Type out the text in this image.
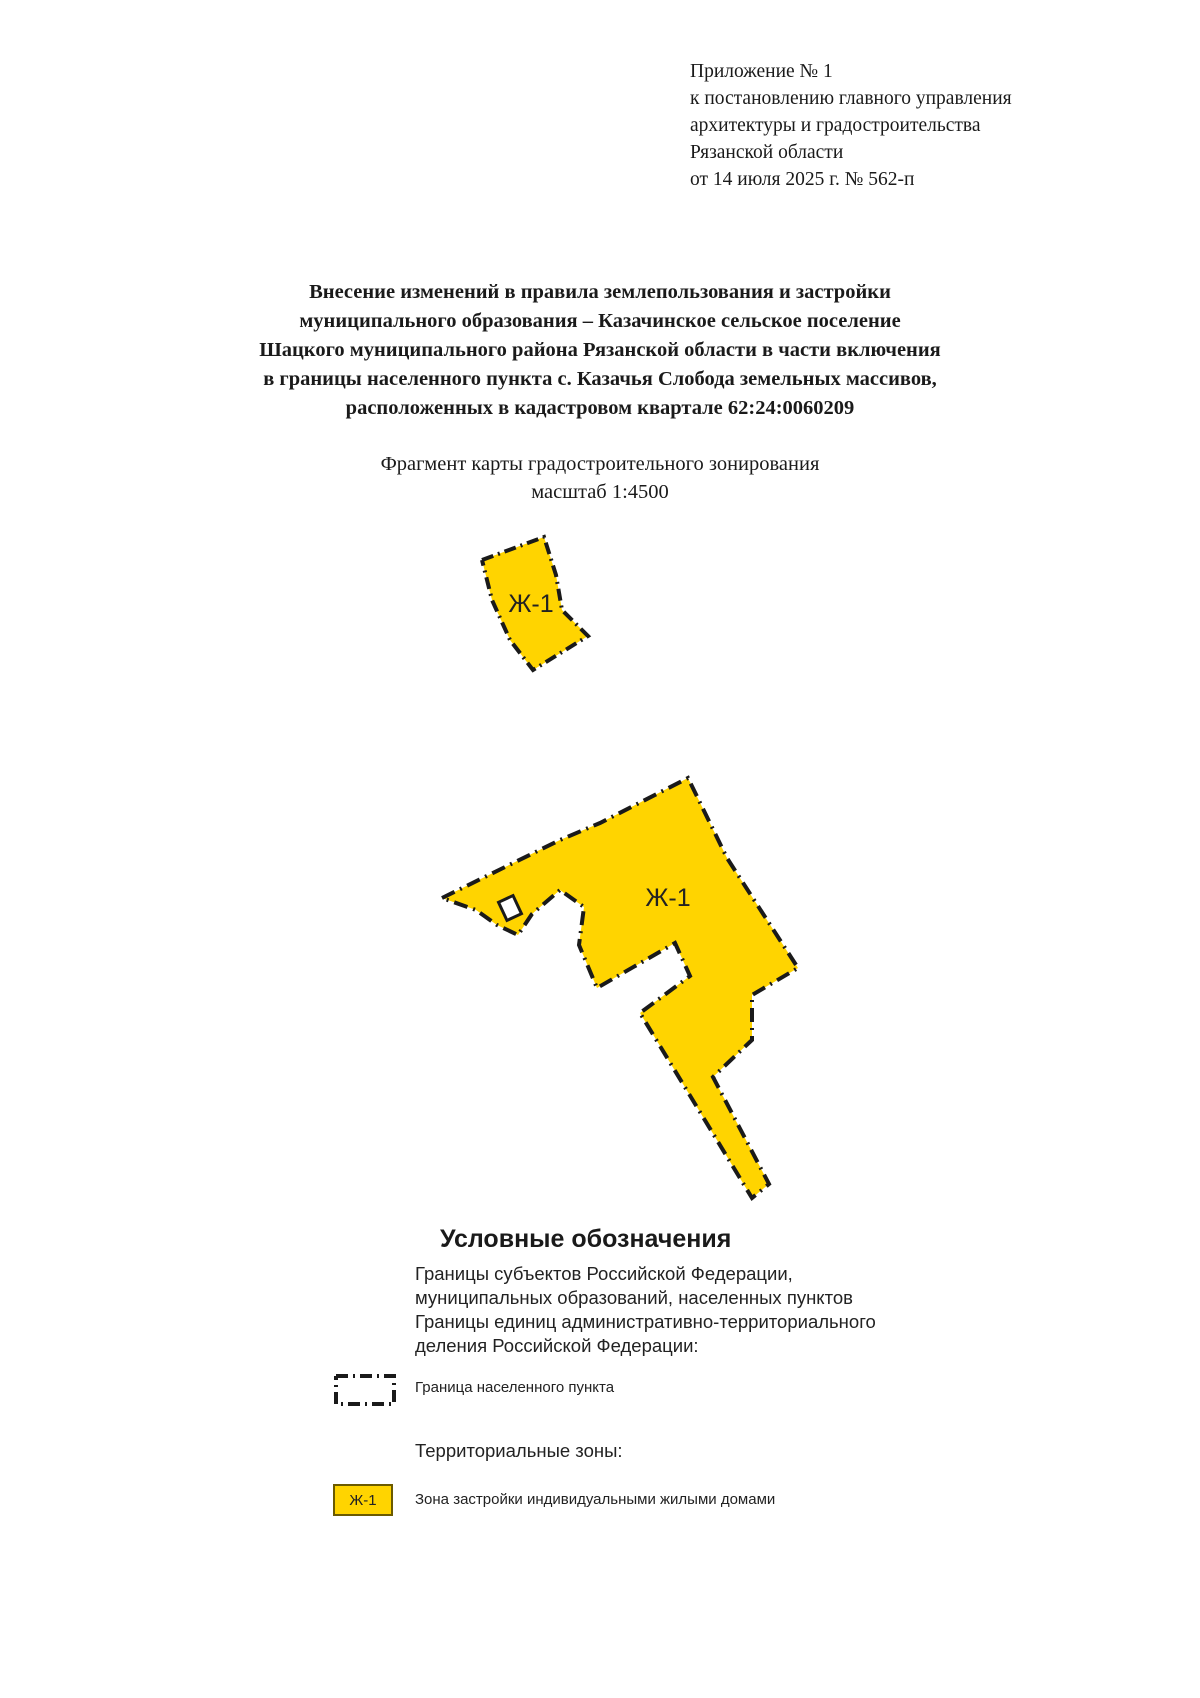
Приложение № 1
к постановлению главного управления
архитектуры и градостроительства
Рязанской области
от 14 июля 2025 г. № 562-п
Внесение изменений в правила землепользования и застройки
муниципального образования – Казачинское сельское поселение
Шацкого муниципального района Рязанской области в части включения
в границы населенного пункта с. Казачья Слобода земельных массивов,
расположенных в кадастровом квартале 62:24:0060209
Фрагмент карты градостроительного зонирования
масштаб 1:4500
Ж-1
Ж-1
Условные обозначения
Границы субъектов Российской Федерации,
муниципальных образований, населенных пунктов
Границы единиц административно-территориального
деления Российской Федерации:
Граница населенного пункта
Территориальные зоны:
Ж-1	Зона застройки индивидуальными жилыми домами
